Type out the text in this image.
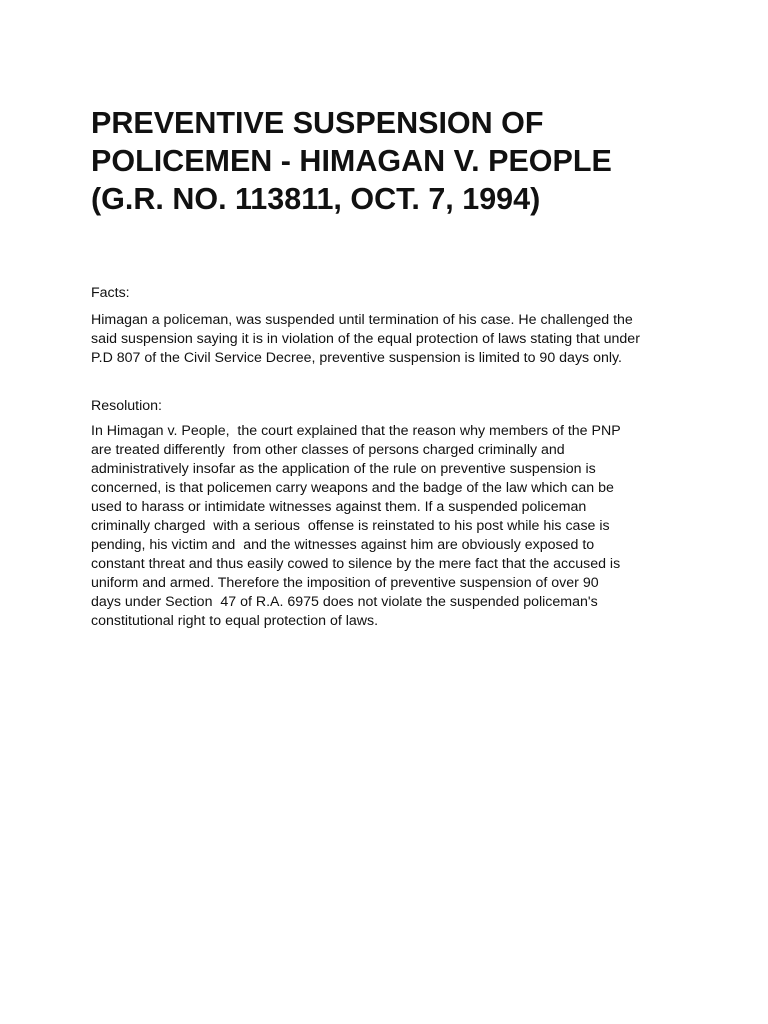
PREVENTIVE SUSPENSION OF
POLICEMEN - HIMAGAN V. PEOPLE
(G.R. NO. 113811, OCT. 7, 1994)
Facts:

Himagan a policeman, was suspended until termination of his case. He challenged the
said suspension saying it is in violation of the equal protection of laws stating that under
P.D 807 of the Civil Service Decree, preventive suspension is limited to 90 days only.

Resolution:

In Himagan v. People,  the court explained that the reason why members of the PNP
are treated differently  from other classes of persons charged criminally and
administratively insofar as the application of the rule on preventive suspension is
concerned, is that policemen carry weapons and the badge of the law which can be
used to harass or intimidate witnesses against them. If a suspended policeman
criminally charged  with a serious  offense is reinstated to his post while his case is
pending, his victim and  and the witnesses against him are obviously exposed to
constant threat and thus easily cowed to silence by the mere fact that the accused is
uniform and armed. Therefore the imposition of preventive suspension of over 90
days under Section  47 of R.A. 6975 does not violate the suspended policeman's
constitutional right to equal protection of laws.
